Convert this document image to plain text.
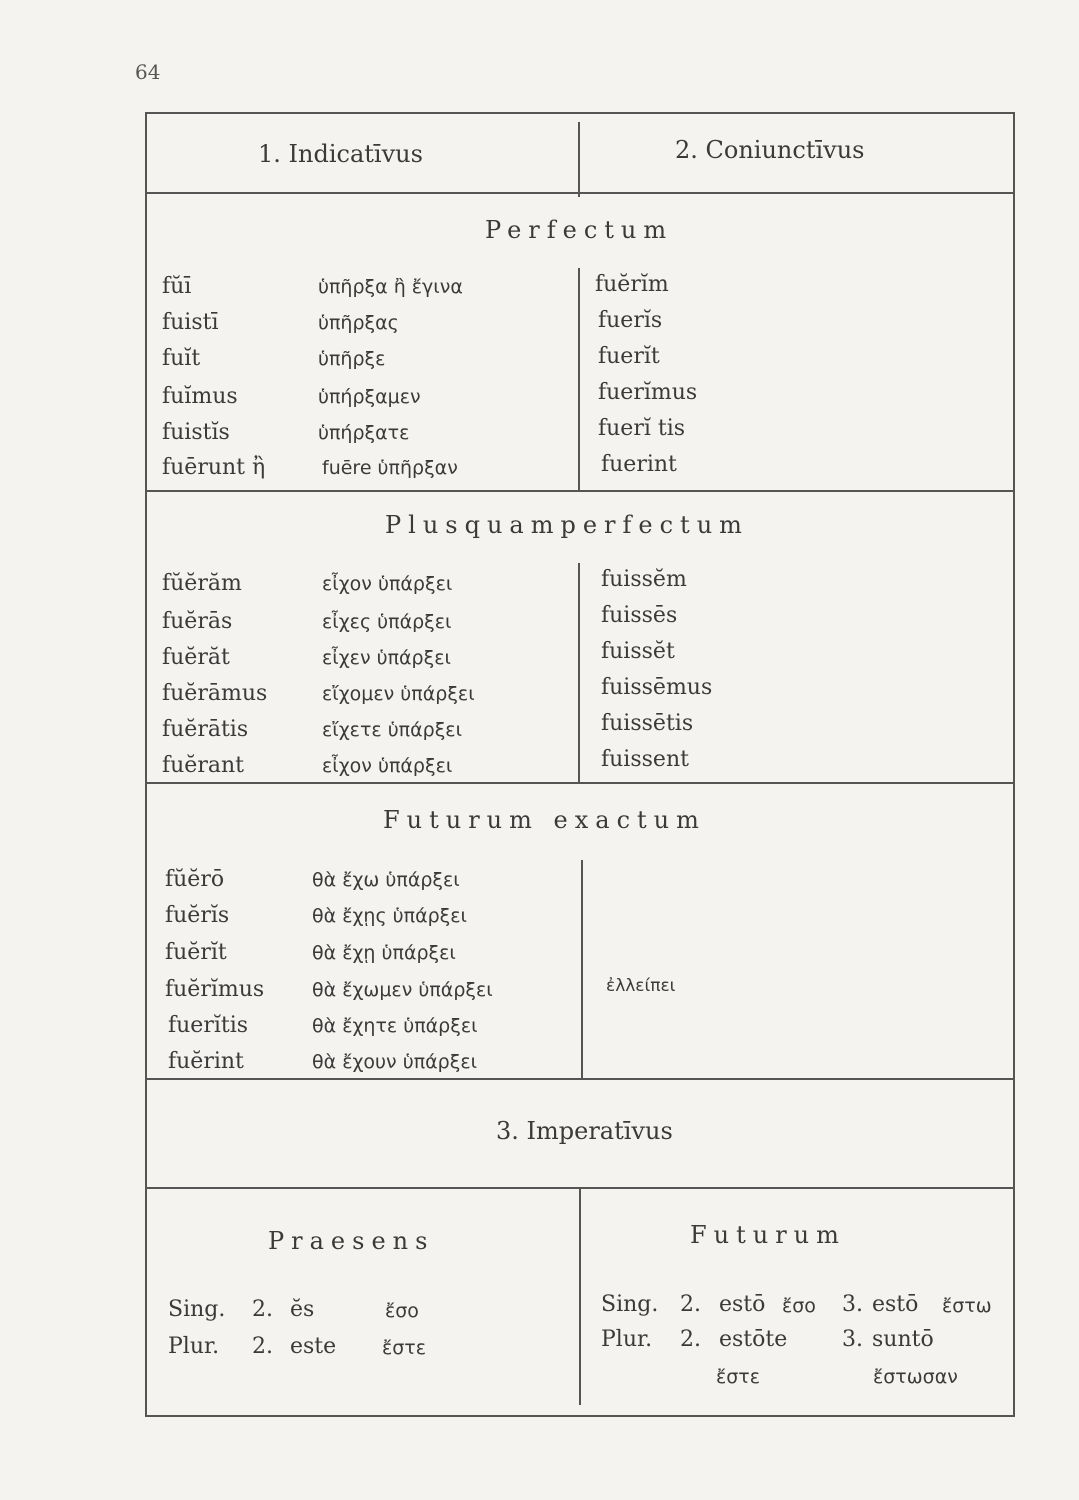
64
1. Indicatīvus	2. Coniunctīvus
Perfectum
fŭī	ὑπῆρξα ἢ ἔγινα	fuĕrĭm
fuistī	ὑπῆρξας	fuerĭs
fuĭt	ὑπῆρξε	fuerĭt
fuĭmus	ὑπήρξαμεν	fuerĭmus
fuistĭs	ὑπήρξατε	fuerĭ tis
fuērunt ἢ	fuēre ὑπῆρξαν	fuerint
Plusquamperfectum
fŭĕrăm	εἶχον ὑπάρξει	fuissĕm
fuĕrās	εἶχες ὑπάρξει	fuissēs
fuĕrăt	εἶχεν ὑπάρξει	fuissĕt
fuĕrāmus	εἴχομεν ὑπάρξει	fuissēmus
fuĕrātis	εἴχετε ὑπάρξει	fuissētis
fuĕrant	εἶχον ὑπάρξει	fuissent
Futurum exactum
fŭĕrō	θὰ ἔχω ὑπάρξει
fuĕrĭs	θὰ ἔχῃς ὑπάρξει
fuĕrĭt	θὰ ἔχῃ ὑπάρξει
fuĕrĭmus	θὰ ἔχωμεν ὑπάρξει
fuerĭtis	θὰ ἔχητε ὑπάρξει
fuĕrint	θὰ ἔχουν ὑπάρξει
ἐλλείπει
3. Imperatīvus
Praesens	Futurum
Sing. 2. ĕs	ἔσο
Plur. 2. este ἔστε
Sing. 2. estō ἔσο 3. estō ἔστω
Plur. 2. estōte 3. suntō
ἔστε	ἔστωσαν
